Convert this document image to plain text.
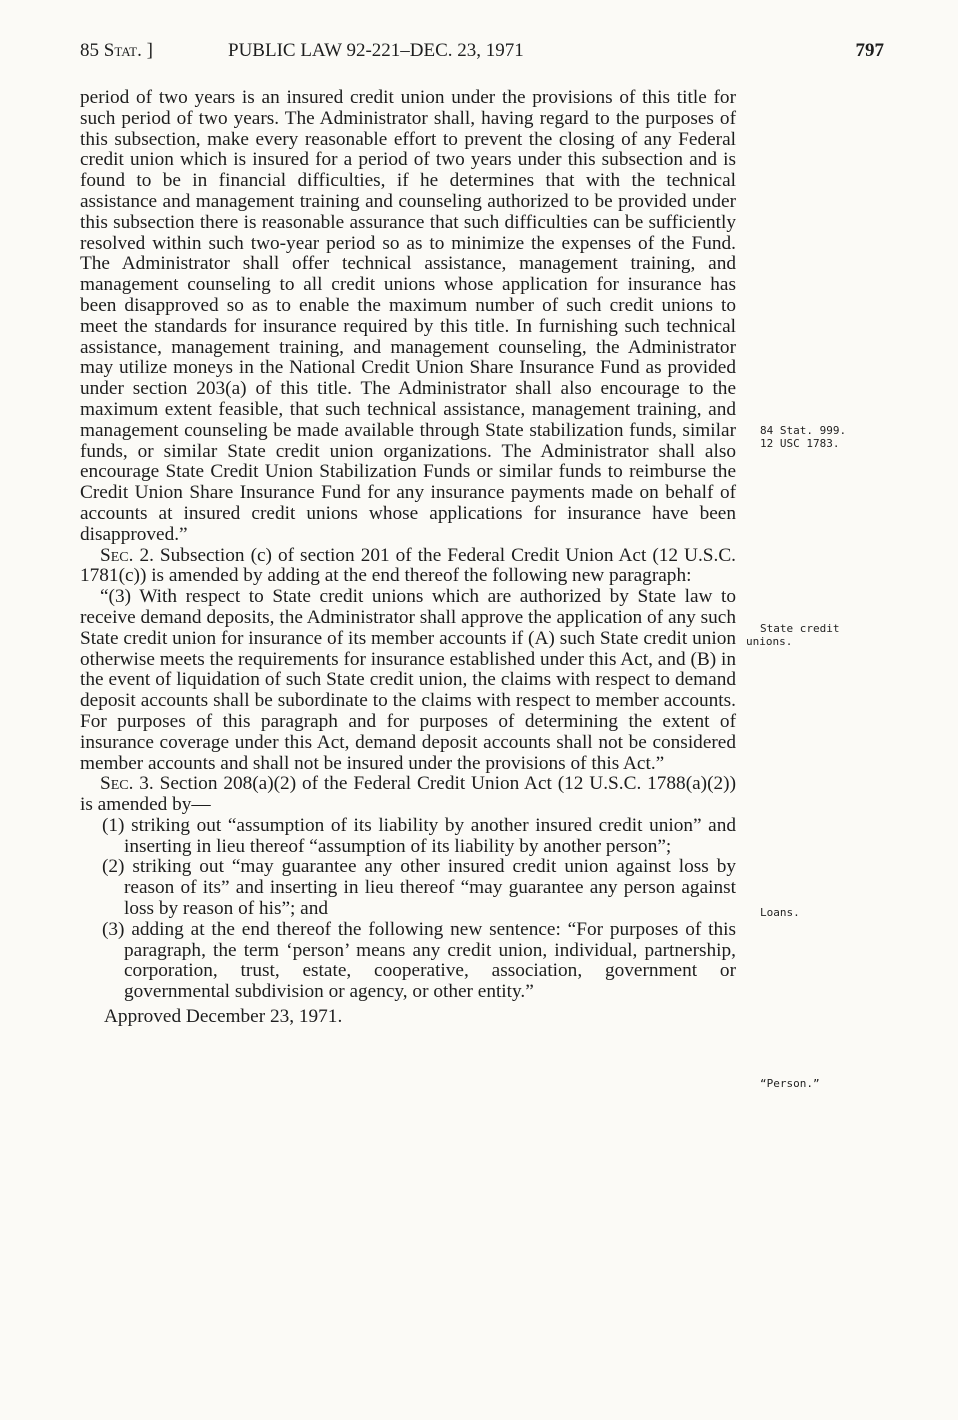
85 Stat. ]	PUBLIC LAW 92-221–DEC. 23, 1971	797

period of two years is an insured credit union under the provisions of this title for such period of two years. The Administrator shall, having regard to the purposes of this subsection, make every reasonable effort to prevent the closing of any Federal credit union which is insured for a period of two years under this subsection and is found to be in financial difficulties, if he determines that with the technical assistance and management training and counseling authorized to be provided under this subsection there is reasonable assurance that such difficulties can be sufficiently resolved within such two-year period so as to minimize the expenses of the Fund. The Administrator shall offer technical assistance, management training, and management counseling to all credit unions whose application for insurance has been disapproved so as to enable the maximum number of such credit unions to meet the standards for insurance required by this title. In furnishing such technical assistance, management training, and management counseling, the Administrator may utilize moneys in the National Credit Union Share Insurance Fund as provided under section 203(a) of this title. The Administrator shall also encourage to the maximum extent feasible, that such technical assistance, management training, and management counseling be made available through State stabilization funds, similar funds, or similar State credit union organizations. The Administrator shall also encourage State Credit Union Stabilization Funds or similar funds to reimburse the Credit Union Share Insurance Fund for any insurance payments made on behalf of accounts at insured credit unions whose applications for insurance have been disapproved.”

Sec. 2. Subsection (c) of section 201 of the Federal Credit Union Act (12 U.S.C. 1781(c)) is amended by adding at the end thereof the following new paragraph:

“(3) With respect to State credit unions which are authorized by State law to receive demand deposits, the Administrator shall approve the application of any such State credit union for insurance of its member accounts if (A) such State credit union otherwise meets the requirements for insurance established under this Act, and (B) in the event of liquidation of such State credit union, the claims with respect to demand deposit accounts shall be subordinate to the claims with respect to member accounts. For purposes of this paragraph and for purposes of determining the extent of insurance coverage under this Act, demand deposit accounts shall not be considered member accounts and shall not be insured under the provisions of this Act.”

Sec. 3. Section 208(a)(2) of the Federal Credit Union Act (12 U.S.C. 1788(a)(2)) is amended by—

(1) striking out “assumption of its liability by another insured credit union” and inserting in lieu thereof “assumption of its liability by another person”;

(2) striking out “may guarantee any other insured credit union against loss by reason of its” and inserting in lieu thereof “may guarantee any person against loss by reason of his”; and

(3) adding at the end thereof the following new sentence: “For purposes of this paragraph, the term ‘person’ means any credit union, individual, partnership, corporation, trust, estate, cooperative, association, government or governmental subdivision or agency, or other entity.”

Approved December 23, 1971.

84 Stat. 999.
12 USC 1783.
State credit
unions.
Loans.
“Person.”
